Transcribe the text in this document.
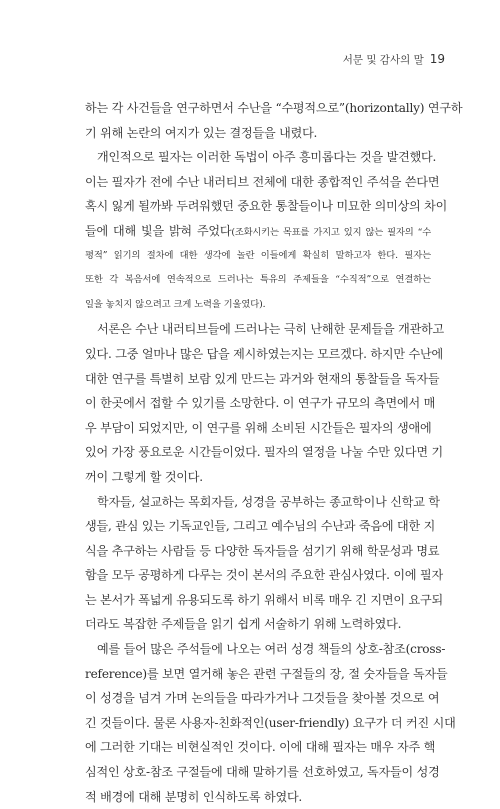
서문 및 감사의 말 19
하는 각 사건들을 연구하면서 수난을 “수평적으로”(horizontally) 연구하
기 위해 논란의 여지가 있는 결정들을 내렸다.
개인적으로 필자는 이러한 독법이 아주 흥미롭다는 것을 발견했다.
이는 필자가 전에 수난 내러티브 전체에 대한 종합적인 주석을 쓴다면
혹시 잃게 될까봐 두려워했던 중요한 통찰들이나 미묘한 의미상의 차이
들에 대해 빛을 밝혀 주었다(조화시키는 목표를 가지고 있지 않는 필자의 “수
평적” 읽기의 절차에 대한 생각에 놀란 이들에게 확실히 말하고자 한다. 필자는
또한 각 복음서에 연속적으로 드러나는 특유의 주제들을 “수직적”으로 연결하는
일을 놓치지 않으려고 크게 노력을 기울였다).
서론은 수난 내러티브들에 드러나는 극히 난해한 문제들을 개관하고
있다. 그중 얼마나 많은 답을 제시하였는지는 모르겠다. 하지만 수난에
대한 연구를 특별히 보람 있게 만드는 과거와 현재의 통찰들을 독자들
이 한곳에서 접할 수 있기를 소망한다. 이 연구가 규모의 측면에서 매
우 부담이 되었지만, 이 연구를 위해 소비된 시간들은 필자의 생애에
있어 가장 풍요로운 시간들이었다. 필자의 열정을 나눌 수만 있다면 기
꺼이 그렇게 할 것이다.
학자들, 설교하는 목회자들, 성경을 공부하는 종교학이나 신학교 학
생들, 관심 있는 기독교인들, 그리고 예수님의 수난과 죽음에 대한 지
식을 추구하는 사람들 등 다양한 독자들을 섬기기 위해 학문성과 명료
함을 모두 공평하게 다루는 것이 본서의 주요한 관심사였다. 이에 필자
는 본서가 폭넓게 유용되도록 하기 위해서 비록 매우 긴 지면이 요구되
더라도 복잡한 주제들을 읽기 쉽게 서술하기 위해 노력하였다.
예를 들어 많은 주석들에 나오는 여러 성경 책들의 상호-참조(cross-
reference)를 보면 열거해 놓은 관련 구절들의 장, 절 숫자들을 독자들
이 성경을 넘겨 가며 논의들을 따라가거나 그것들을 찾아볼 것으로 여
긴 것들이다. 물론 사용자-친화적인(user-friendly) 요구가 더 커진 시대
에 그러한 기대는 비현실적인 것이다. 이에 대해 필자는 매우 자주 핵
심적인 상호-참조 구절들에 대해 말하기를 선호하였고, 독자들이 성경
적 배경에 대해 분명히 인식하도록 하였다.
